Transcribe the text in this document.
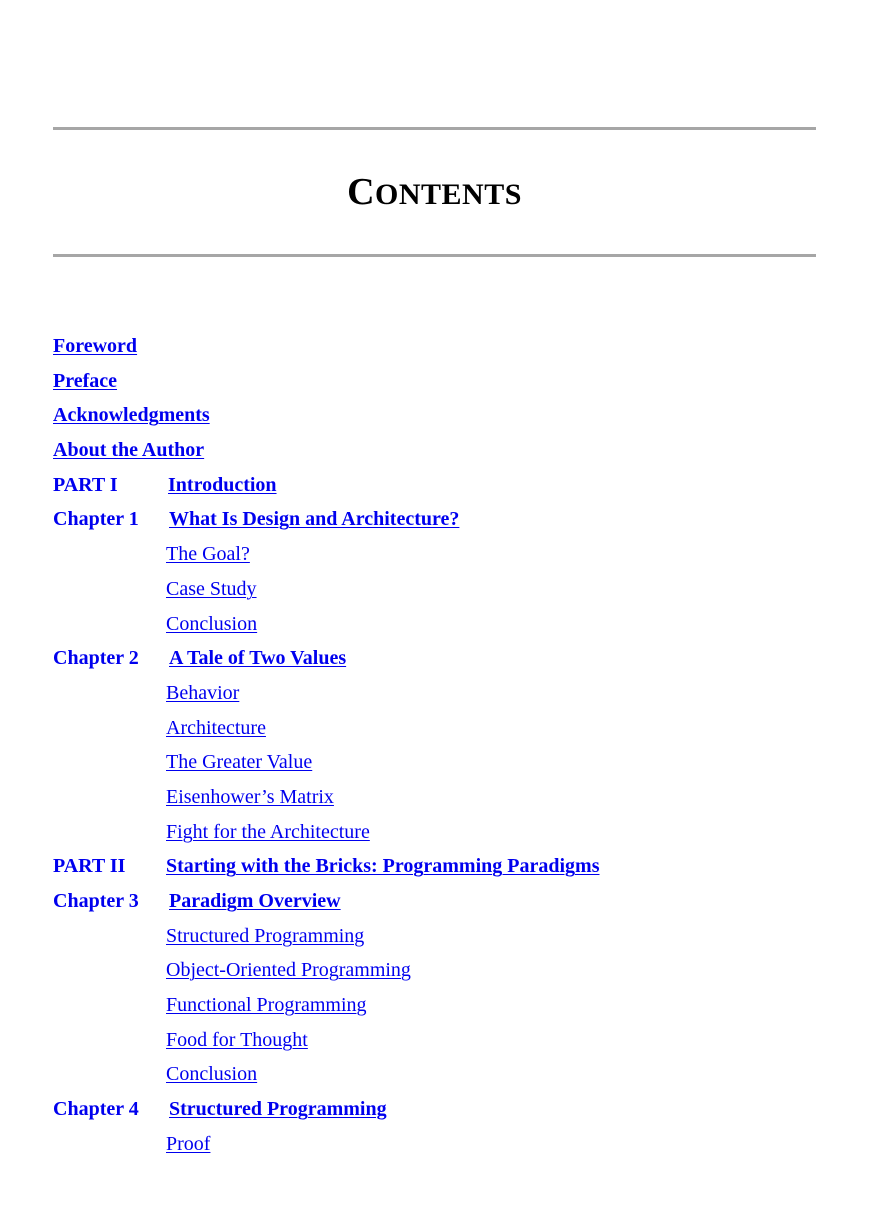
CONTENTS
Foreword
Preface
Acknowledgments
About the Author
PART I	Introduction
Chapter 1 What Is Design and Architecture?
The Goal?
Case Study
Conclusion
Chapter 2 A Tale of Two Values
Behavior
Architecture
The Greater Value
Eisenhower’s Matrix
Fight for the Architecture
PART II Starting with the Bricks: Programming Paradigms
Chapter 3 Paradigm Overview
Structured Programming
Object-Oriented Programming
Functional Programming
Food for Thought
Conclusion
Chapter 4 Structured Programming
Proof
